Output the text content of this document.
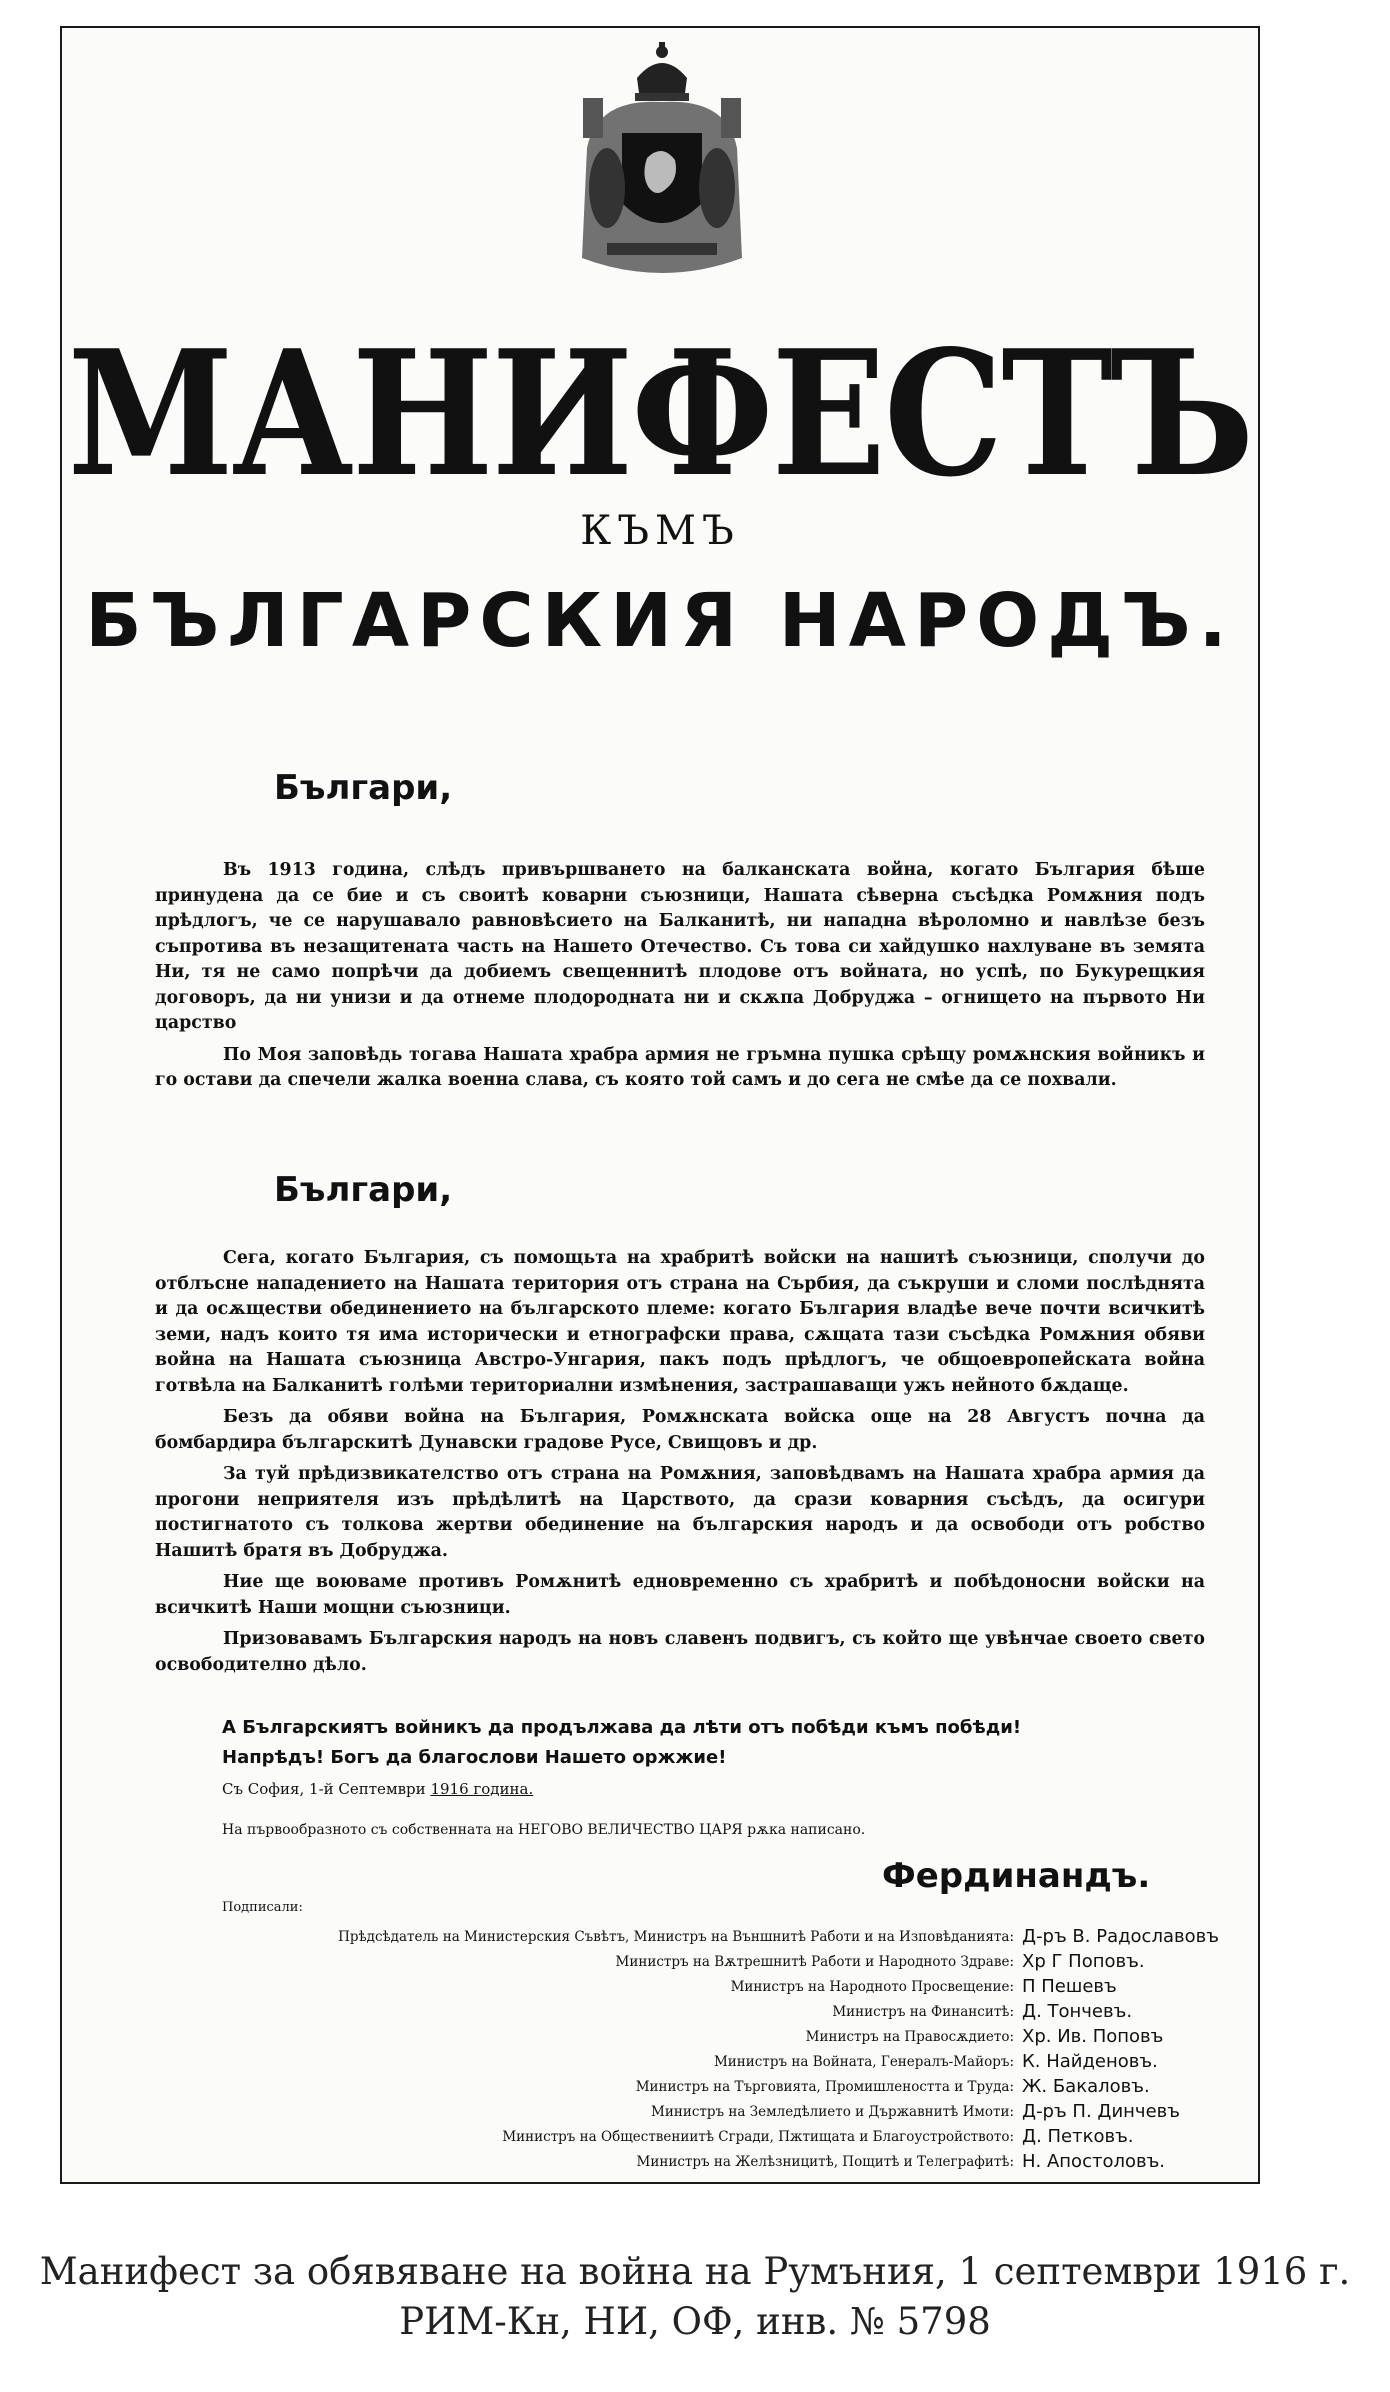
МАНИФЕСТЪ
КЪМЪ
БЪЛГАРСКИЯ НАРОДЪ.
Българи,

Въ 1913 година, слѣдъ привършването на балканската война, когато България бѣше принудена да се бие и съ своитѣ коварни съюзници, Нашата сѣверна съсѣдка Ромѫния подъ прѣдлогъ, че се нарушавало равновѣсието на Балканитѣ, ни нападна вѣроломно и навлѣзе безъ съпротива въ незащитената часть на Нашето Отечество. Съ това си хайдушко нахлуване въ земята Ни, тя не само попрѣчи да добиемъ свещеннитѣ плодове отъ войната, но успѣ, по Букурещкия договоръ, да ни унизи и да отнеме плодородната ни и скѫпа Добруджа – огнището на първото Ни царство

По Моя заповѣдь тогава Нашата храбра армия не гръмна пушка срѣщу ромѫнския войникъ и го остави да спечели жалка военна слава, съ която той самъ и до сега не смѣе да се похвали.

Българи,

Сега, когато България, съ помощьта на храбритѣ войски на нашитѣ съюзници, сполучи до отблъсне нападението на Нашата територия отъ страна на Сърбия, да съкруши и сломи послѣднята и да осѫществи обединението на българското племе: когато България владѣе вече почти всичкитѣ земи, надъ които тя има исторически и етнографски права, сѫщата тази съсѣдка Ромѫния обяви война на Нашата съюзница Австро-Унгария, пакъ подъ прѣдлогъ, че общоевропейската война готвѣла на Балканитѣ голѣми териториални измѣнения, застрашаващи ужъ нейното бѫдаще.

Безъ да обяви война на България, Ромѫнската войска още на 28 Августъ почна да бомбардира българскитѣ Дунавски градове Русе, Свищовъ и др.

За туй прѣдизвикателство отъ страна на Ромѫния, заповѣдвамъ на Нашата храбра армия да прогони неприятеля изъ прѣдѣлитѣ на Царството, да срази коварния съсѣдъ, да осигури постигнатото съ толкова жертви обединение на българския народъ и да освободи отъ робство Нашитѣ братя въ Добруджа.

Ние ще воюваме противъ Ромѫнитѣ едновременно съ храбритѣ и побѣдоносни войски на всичкитѣ Наши мощни съюзници.

Призовавамъ Българския народъ на новъ славенъ подвигъ, съ който ще увѣнчае своето свето освободително дѣло.

А Българскиятъ войникъ да продължава да лѣти отъ побѣди къмъ побѣди!
Напрѣдъ! Богъ да благослови Нашето оржжие!
Съ София, 1-й Септември 1916 година.
На първообразното съ собственната на НЕГОВО ВЕЛИЧЕСТВО ЦАРЯ рѫка написано.
Фердинандъ.
Подписали:
Прѣдсѣдатель на Министерския Съвѣтъ, Министръ на Външнитѣ Работи и на Изповѣданията: Д-ръ В. Радославовъ
Министръ на Вѫтрешнитѣ Работи и Народното Здраве: Хр Г Поповъ.
Министръ на Народното Просвещение: П Пешевъ
Министръ на Финанситѣ: Д. Тончевъ.
Министръ на Правосѫдието: Хр. Ив. Поповъ
Министръ на Войната, Генералъ-Майоръ: К. Найденовъ.
Министръ на Търговията, Промишлеността и Труда: Ж. Бакаловъ.
Министръ на Земледѣлието и Държавнитѣ Имоти: Д-ръ П. Динчевъ
Министръ на Обществениитѣ Сгради, Пжтищата и Благоустройството: Д. Петковъ.
Министръ на Желѣзницитѣ, Пощитѣ и Телеграфитѣ: Н. Апостоловъ.
Манифест за обявяване на война на Румъния, 1 септември 1916 г.
РИМ-Кн, НИ, ОФ, инв. № 5798
